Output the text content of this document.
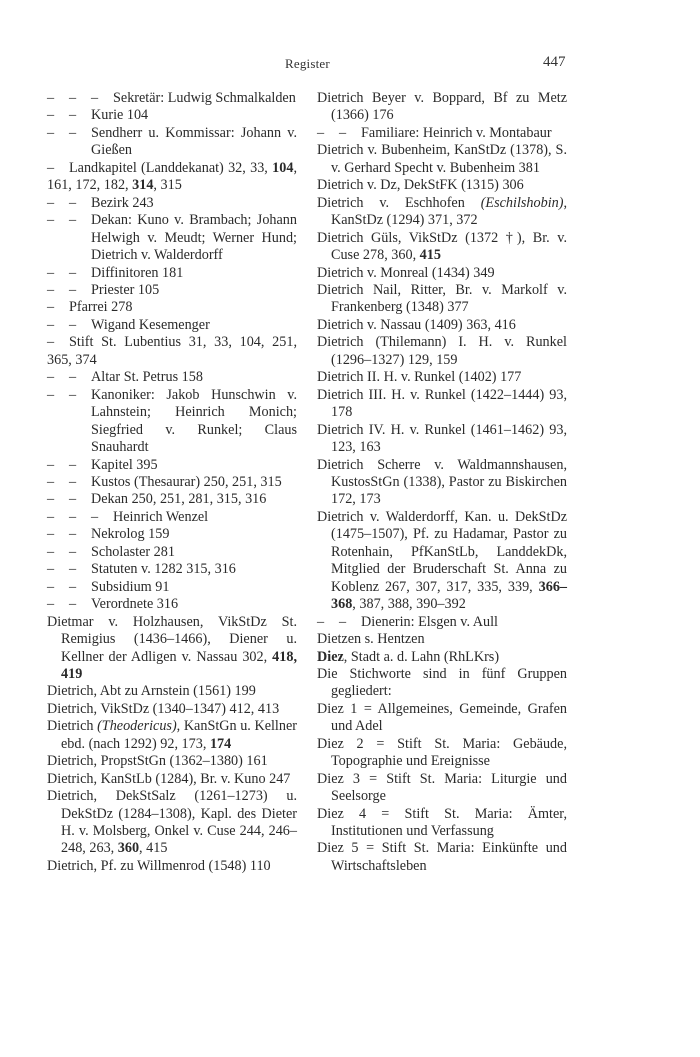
Register	447
– – – Sekretär: Ludwig Schmalkalden
– – Kurie 104
– – Sendherr u. Kommissar: Johann v. Gießen
– Landkapitel (Landdekanat) 32, 33, 104, 161, 172, 182, 314, 315
– – Bezirk 243
– – Dekan: Kuno v. Brambach; Johann Helwigh v. Meudt; Werner Hund; Dietrich v. Walderdorff
– – Diffinitoren 181
– – Priester 105
– Pfarrei 278
– – Wigand Kesemenger
– Stift St. Lubentius 31, 33, 104, 251, 365, 374
– – Altar St. Petrus 158
– – Kanoniker: Jakob Hunschwin v. Lahnstein; Heinrich Monich; Siegfried v. Runkel; Claus Snauhardt
– – Kapitel 395
– – Kustos (Thesaurar) 250, 251, 315
– – Dekan 250, 251, 281, 315, 316
– – – Heinrich Wenzel
– – Nekrolog 159
– – Scholaster 281
– – Statuten v. 1282 315, 316
– – Subsidium 91
– – Verordnete 316
Dietmar v. Holzhausen, VikStDz St. Remigius (1436–1466), Diener u. Kellner der Adligen v. Nassau 302, 418, 419
Dietrich, Abt zu Arnstein (1561) 199
Dietrich, VikStDz (1340–1347) 412, 413
Dietrich (Theodericus), KanStGn u. Kellner ebd. (nach 1292) 92, 173, 174
Dietrich, PropstStGn (1362–1380) 161
Dietrich, KanStLb (1284), Br. v. Kuno 247
Dietrich, DekStSalz (1261–1273) u. DekStDz (1284–1308), Kapl. des Dieter H. v. Molsberg, Onkel v. Cuse 244, 246–248, 263, 360, 415
Dietrich, Pf. zu Willmenrod (1548) 110
Dietrich Beyer v. Boppard, Bf zu Metz (1366) 176
– – Familiare: Heinrich v. Montabaur
Dietrich v. Bubenheim, KanStDz (1378), S. v. Gerhard Specht v. Bubenheim 381
Dietrich v. Dz, DekStFK (1315) 306
Dietrich v. Eschhofen (Eschilshobin), KanStDz (1294) 371, 372
Dietrich Güls, VikStDz (1372 †), Br. v. Cuse 278, 360, 415
Dietrich v. Monreal (1434) 349
Dietrich Nail, Ritter, Br. v. Markolf v. Frankenberg (1348) 377
Dietrich v. Nassau (1409) 363, 416
Dietrich (Thilemann) I. H. v. Runkel (1296–1327) 129, 159
Dietrich II. H. v. Runkel (1402) 177
Dietrich III. H. v. Runkel (1422–1444) 93, 178
Dietrich IV. H. v. Runkel (1461–1462) 93, 123, 163
Dietrich Scherre v. Waldmannshausen, KustosStGn (1338), Pastor zu Biskirchen 172, 173
Dietrich v. Walderdorff, Kan. u. DekStDz (1475–1507), Pf. zu Hadamar, Pastor zu Rotenhain, PfKanStLb, LanddekDk, Mitglied der Bruderschaft St. Anna zu Koblenz 267, 307, 317, 335, 339, 366–368, 387, 388, 390–392
– – Dienerin: Elsgen v. Aull
Dietzen s. Hentzen
Diez, Stadt a. d. Lahn (RhLKrs)
Die Stichworte sind in fünf Gruppen gegliedert:
Diez 1 = Allgemeines, Gemeinde, Grafen und Adel
Diez 2 = Stift St. Maria: Gebäude, Topographie und Ereignisse
Diez 3 = Stift St. Maria: Liturgie und Seelsorge
Diez 4 = Stift St. Maria: Ämter, Institutionen und Verfassung
Diez 5 = Stift St. Maria: Einkünfte und Wirtschaftsleben
